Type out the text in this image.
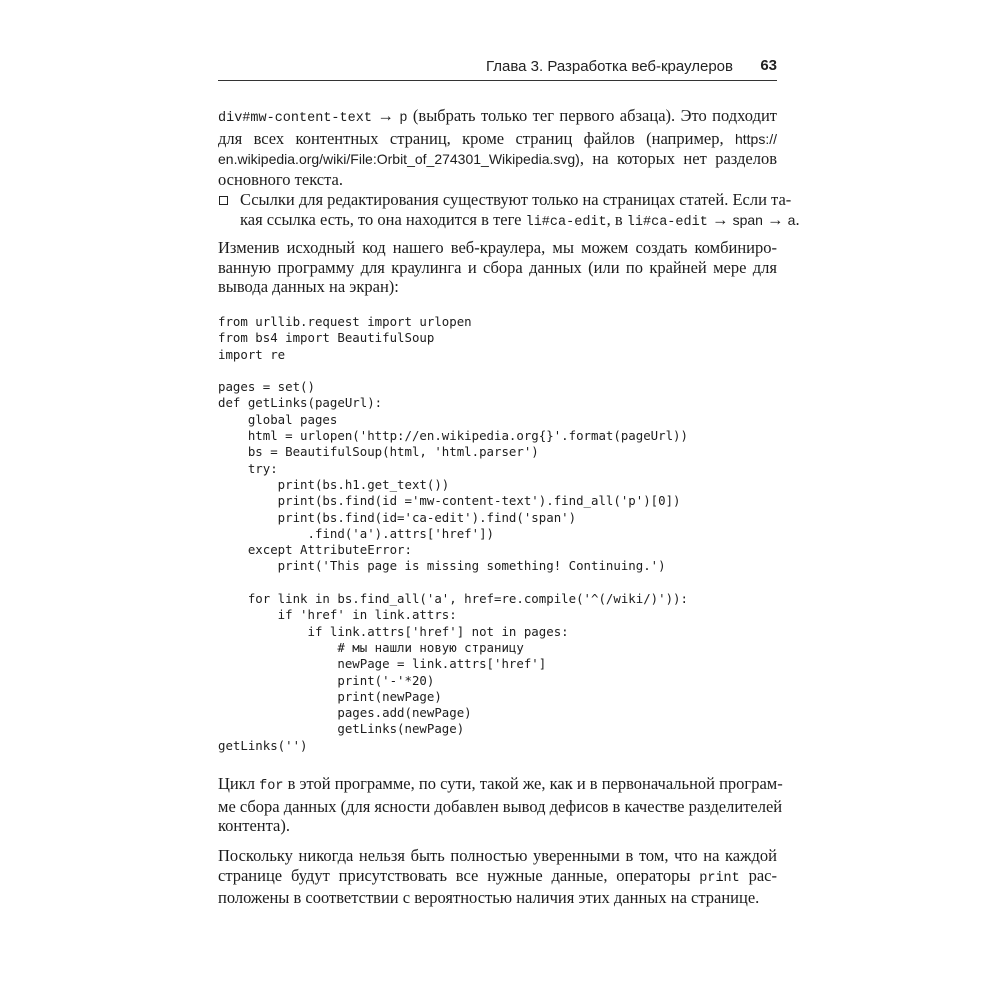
Глава 3. Разработка веб-краулеров 63
div#mw-content-text → p (выбрать только тег первого абзаца). Это подходит
для всех контентных страниц, кроме страниц файлов (например, https://
en.wikipedia.org/wiki/File:Orbit_of_274301_Wikipedia.svg), на которых нет разделов
основного текста.
Ссылки для редактирования существуют только на страницах статей. Если та-
кая ссылка есть, то она находится в теге li#ca-edit, в li#ca-edit → span → a.
Изменив исходный код нашего веб-краулера, мы можем создать комбиниро-
ванную программу для краулинга и сбора данных (или по крайней мере для
вывода данных на экран):
from urllib.request import urlopen
from bs4 import BeautifulSoup
import re

pages = set()
def getLinks(pageUrl):
global pages
html = urlopen('http://en.wikipedia.org{}'.format(pageUrl))
bs = BeautifulSoup(html, 'html.parser')
try:
print(bs.h1.get_text())
print(bs.find(id ='mw-content-text').find_all('p')[0])
print(bs.find(id='ca-edit').find('span')
.find('a').attrs['href'])
except AttributeError:
print('This page is missing something! Continuing.')

for link in bs.find_all('a', href=re.compile('^(/wiki/)')):
if 'href' in link.attrs:
if link.attrs['href'] not in pages:
# мы нашли новую страницу
newPage = link.attrs['href']
print('-'*20)
print(newPage)
pages.add(newPage)
getLinks(newPage)
getLinks('')

Цикл for в этой программе, по сути, такой же, как и в первоначальной програм-
ме сбора данных (для ясности добавлен вывод дефисов в качестве разделителей
контента).
Поскольку никогда нельзя быть полностью уверенными в том, что на каждой
странице будут присутствовать все нужные данные, операторы print рас-
положены в соответствии с вероятностью наличия этих данных на странице.
